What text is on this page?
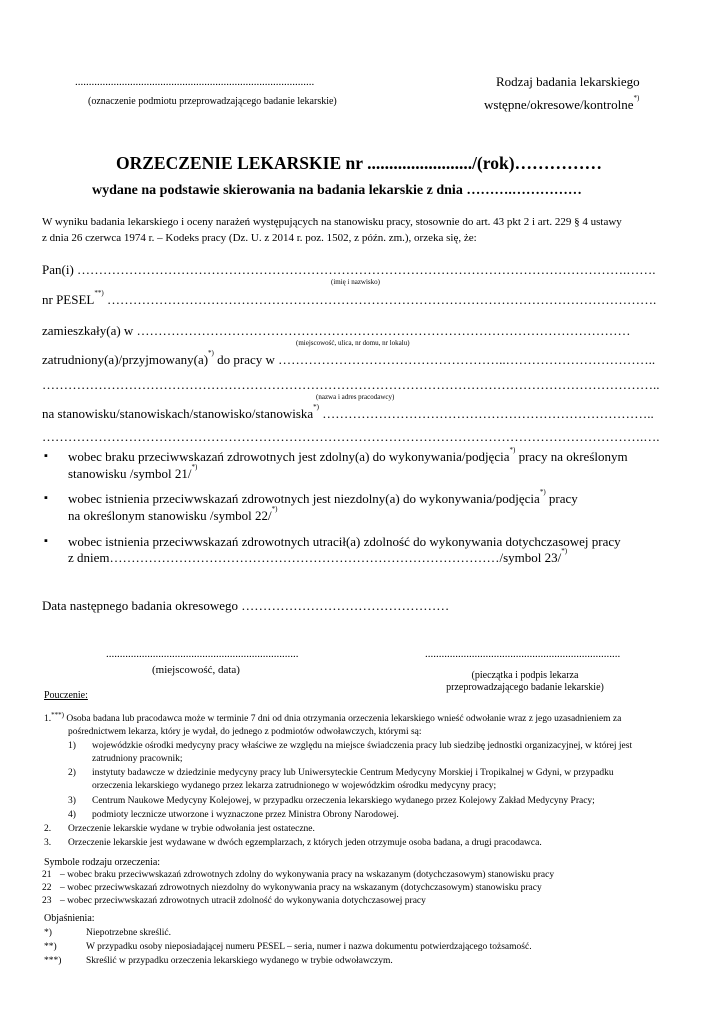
.......................................................................................
(oznaczenie podmiotu przeprowadzającego badanie lekarskie)
Rodzaj badania lekarskiego
wstępne/okresowe/kontrolne*)
ORZECZENIE LEKARSKIE nr ......................../(rok)……………
wydane na podstawie skierowania na badania lekarskie z dnia ……….……………
W wyniku badania lekarskiego i oceny narażeń występujących na stanowisku pracy, stosownie do art. 43 pkt 2 i art. 229 § 4 ustawy
z dnia 26 czerwca 1974 r. – Kodeks pracy (Dz. U. z 2014 r. poz. 1502, z późn. zm.), orzeka się, że:
Pan(i) ……………………………………………………………………………………………………………….…….
(imię i nazwisko)
nr PESEL**) ……………………………………………………………………………………………………………….
zamieszkały(a) w ……………………………………………………………………………………………………
(miejscowość, ulica, nr domu, nr lokalu)
zatrudniony(a)/przyjmowany(a)*) do pracy w ……………………………………………..……………………………..
……………………………………………………………………………………………………………………………..
(nazwa i adres pracodawcy)
na stanowisku/stanowiskach/stanowisko/stanowiska*) …………………………………………………………………..
………………………………………………………………………………………………………………………….….
▪ wobec braku przeciwwskazań zdrowotnych jest zdolny(a) do wykonywania/podjęcia*) pracy na określonym
stanowisku /symbol 21/*)
▪ wobec istnienia przeciwwskazań zdrowotnych jest niezdolny(a) do wykonywania/podjęcia*) pracy
na określonym stanowisku /symbol 22/*)
▪ wobec istnienia przeciwwskazań zdrowotnych utracił(a) zdolność do wykonywania dotychczasowej pracy
z dniem………………………………………………………………………………/symbol 23/*)
Data następnego badania okresowego …………………………………………
......................................................................
(miejscowość, data)
.......................................................................
(pieczątka i podpis lekarza
przeprowadzającego badanie lekarskie)
Pouczenie:
1.***) Osoba badana lub pracodawca może w terminie 7 dni od dnia otrzymania orzeczenia lekarskiego wnieść odwołanie wraz z jego uzasadnieniem za
pośrednictwem lekarza, który je wydał, do jednego z podmiotów odwoławczych, którymi są:
1) wojewódzkie ośrodki medycyny pracy właściwe ze względu na miejsce świadczenia pracy lub siedzibę jednostki organizacyjnej, w której jest
zatrudniony pracownik;
2) instytuty badawcze w dziedzinie medycyny pracy lub Uniwersyteckie Centrum Medycyny Morskiej i Tropikalnej w Gdyni, w przypadku
orzeczenia lekarskiego wydanego przez lekarza zatrudnionego w wojewódzkim ośrodku medycyny pracy;
3) Centrum Naukowe Medycyny Kolejowej, w przypadku orzeczenia lekarskiego wydanego przez Kolejowy Zakład Medycyny Pracy;
4) podmioty lecznicze utworzone i wyznaczone przez Ministra Obrony Narodowej.
2. Orzeczenie lekarskie wydane w trybie odwołania jest ostateczne.
3. Orzeczenie lekarskie jest wydawane w dwóch egzemplarzach, z których jeden otrzymuje osoba badana, a drugi pracodawca.
Symbole rodzaju orzeczenia:
21 – wobec braku przeciwwskazań zdrowotnych zdolny do wykonywania pracy na wskazanym (dotychczasowym) stanowisku pracy
22 – wobec przeciwwskazań zdrowotnych niezdolny do wykonywania pracy na wskazanym (dotychczasowym) stanowisku pracy
23 – wobec przeciwwskazań zdrowotnych utracił zdolność do wykonywania dotychczasowej pracy
Objaśnienia:
*)	Niepotrzebne skreślić.
**)	W przypadku osoby nieposiadającej numeru PESEL – seria, numer i nazwa dokumentu potwierdzającego tożsamość.
***)	Skreślić w przypadku orzeczenia lekarskiego wydanego w trybie odwoławczym.
